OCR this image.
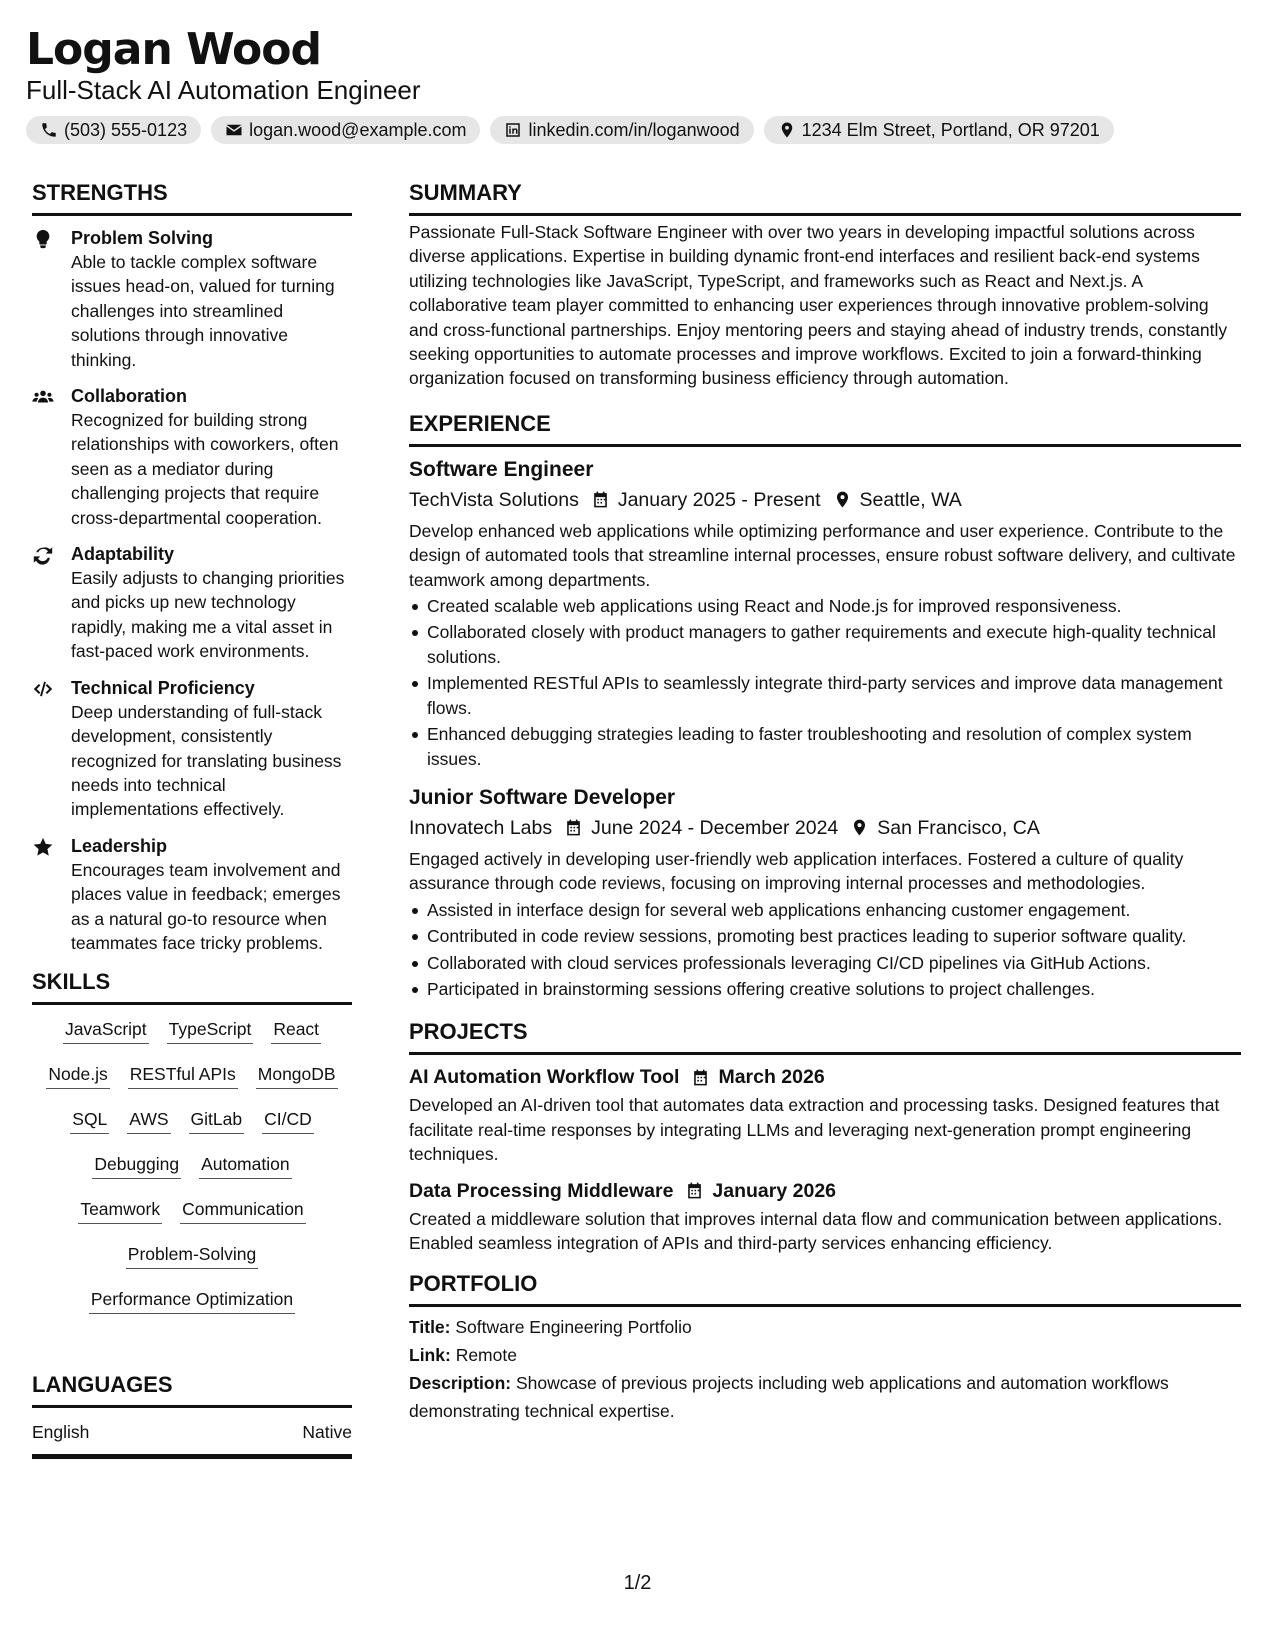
Logan Wood
Full-Stack AI Automation Engineer
(503) 555-0123	logan.wood@example.com	linkedin.com/in/loganwood	1234 Elm Street, Portland, OR 97201
STRENGTHS
Problem Solving
Able to tackle complex software issues head-on, valued for turning challenges into streamlined solutions through innovative thinking.
Collaboration
Recognized for building strong relationships with coworkers, often seen as a mediator during challenging projects that require cross-departmental cooperation.
Adaptability
Easily adjusts to changing priorities and picks up new technology rapidly, making me a vital asset in fast-paced work environments.
Technical Proficiency
Deep understanding of full-stack development, consistently recognized for translating business needs into technical implementations effectively.
Leadership
Encourages team involvement and places value in feedback; emerges as a natural go-to resource when teammates face tricky problems.
SKILLS
JavaScript TypeScript React
Node.js RESTful APIs MongoDB
SQL AWS GitLab CI/CD
Debugging Automation
Teamwork Communication
Problem-Solving
Performance Optimization
LANGUAGES
English	Native
SUMMARY
Passionate Full-Stack Software Engineer with over two years in developing impactful solutions across diverse applications. Expertise in building dynamic front-end interfaces and resilient back-end systems utilizing technologies like JavaScript, TypeScript, and frameworks such as React and Next.js. A collaborative team player committed to enhancing user experiences through innovative problem-solving and cross-functional partnerships. Enjoy mentoring peers and staying ahead of industry trends, constantly seeking opportunities to automate processes and improve workflows. Excited to join a forward-thinking organization focused on transforming business efficiency through automation.
EXPERIENCE
Software Engineer
TechVista Solutions January 2025 - Present Seattle, WA
Develop enhanced web applications while optimizing performance and user experience. Contribute to the design of automated tools that streamline internal processes, ensure robust software delivery, and cultivate teamwork among departments.
Created scalable web applications using React and Node.js for improved responsiveness.
Collaborated closely with product managers to gather requirements and execute high-quality technical solutions.
Implemented RESTful APIs to seamlessly integrate third-party services and improve data management flows.
Enhanced debugging strategies leading to faster troubleshooting and resolution of complex system issues.
Junior Software Developer
Innovatech Labs June 2024 - December 2024 San Francisco, CA
Engaged actively in developing user-friendly web application interfaces. Fostered a culture of quality assurance through code reviews, focusing on improving internal processes and methodologies.
Assisted in interface design for several web applications enhancing customer engagement.
Contributed in code review sessions, promoting best practices leading to superior software quality.
Collaborated with cloud services professionals leveraging CI/CD pipelines via GitHub Actions.
Participated in brainstorming sessions offering creative solutions to project challenges.
PROJECTS
AI Automation Workflow Tool March 2026
Developed an AI-driven tool that automates data extraction and processing tasks. Designed features that facilitate real-time responses by integrating LLMs and leveraging next-generation prompt engineering techniques.
Data Processing Middleware January 2026
Created a middleware solution that improves internal data flow and communication between applications. Enabled seamless integration of APIs and third-party services enhancing efficiency.
PORTFOLIO
Title: Software Engineering Portfolio
Link: Remote
Description: Showcase of previous projects including web applications and automation workflows demonstrating technical expertise.
1/2
